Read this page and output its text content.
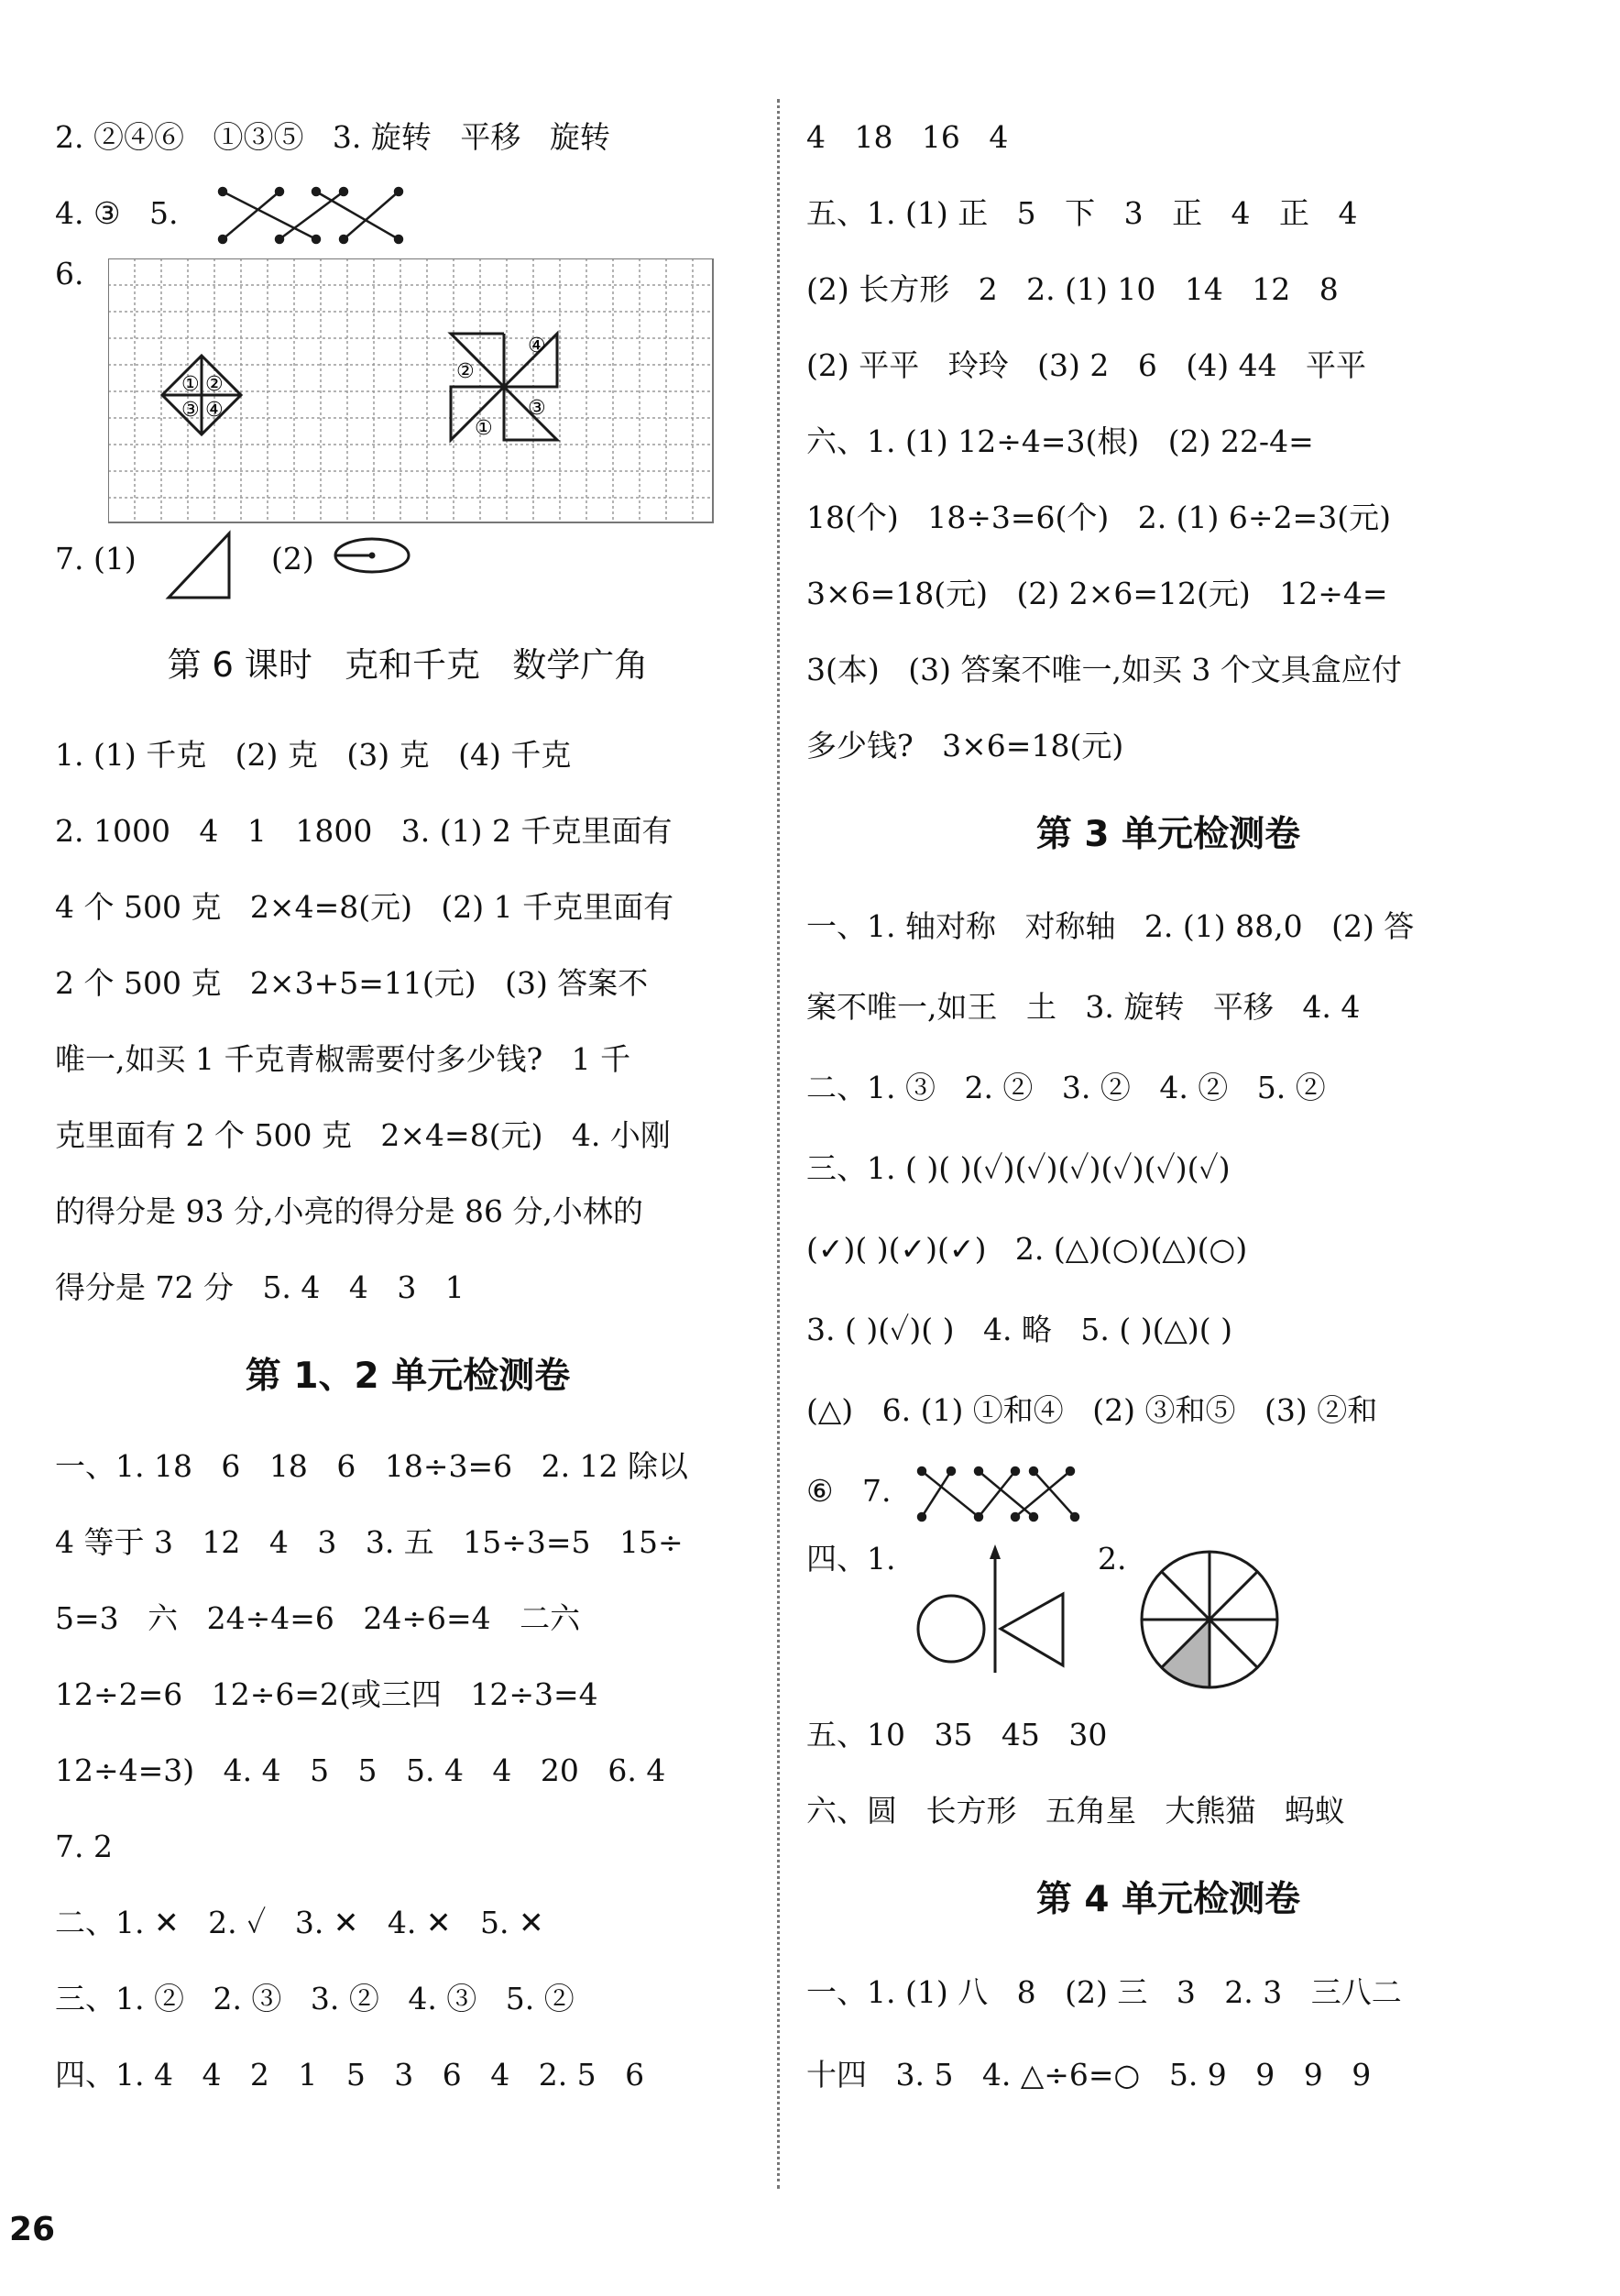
2. ②④⑥   ①③⑤   3. 旋转   平移   旋转

4. ③   5.

6.

① ②
③ ④
②
④
③
①

7. (1)

	(2)

第 6 课时   克和千克   数学广角
1. (1) 千克   (2) 克   (3) 克   (4) 千克
2. 1000   4   1   1800   3. (1) 2 千克里面有
4 个 500 克   2×4=8(元)   (2) 1 千克里面有
2 个 500 克   2×3+5=11(元)   (3) 答案不
唯一,如买 1 千克青椒需要付多少钱?   1 千
克里面有 2 个 500 克   2×4=8(元)   4. 小刚
的得分是 93 分,小亮的得分是 86 分,小林的
得分是 72 分   5. 4   4   3   1
第 1、2 单元检测卷
一、1. 18   6   18   6   18÷3=6   2. 12 除以
4 等于 3   12   4   3   3. 五   15÷3=5   15÷
5=3   六   24÷4=6   24÷6=4   二六
12÷2=6   12÷6=2(或三四   12÷3=4
12÷4=3)   4. 4   5   5   5. 4   4   20   6. 4
7. 2
二、1. ✕   2. ✓   3. ✕   4. ✕   5. ✕
三、1. ②   2. ③   3. ②   4. ③   5. ②
四、1. 4   4   2   1   5   3   6   4   2. 5   6
4   18   16   4
五、1. (1) 正   5   下   3   正   4   正   4
(2) 长方形   2   2. (1) 10   14   12   8
(2) 平平   玲玲   (3) 2   6   (4) 44   平平
六、1. (1) 12÷4=3(根)   (2) 22-4=
18(个)   18÷3=6(个)   2. (1) 6÷2=3(元)
3×6=18(元)   (2) 2×6=12(元)   12÷4=
3(本)   (3) 答案不唯一,如买 3 个文具盒应付
多少钱?   3×6=18(元)
第 3 单元检测卷
一、1. 轴对称   对称轴   2. (1) 88,0   (2) 答
案不唯一,如王   土   3. 旋转   平移   4. 4
二、1. ③   2. ②   3. ②   4. ②   5. ②
三、1. ( )( )(✓)(✓)(✓)(✓)(✓)(✓)
(✓)( )(✓)(✓)   2. (△)(○)(△)(○)
3. ( )(✓)( )   4. 略   5. ( )(△)( )
(△)   6. (1) ①和④   (2) ③和⑤   (3) ②和

⑥   7.

四、1.

	2.

五、10   35   45   30
六、圆   长方形   五角星   大熊猫   蚂蚁
第 4 单元检测卷
一、1. (1) 八   8   (2) 三   3   2. 3   三八二
十四   3. 5   4. △÷6=○   5. 9   9   9   9
26
